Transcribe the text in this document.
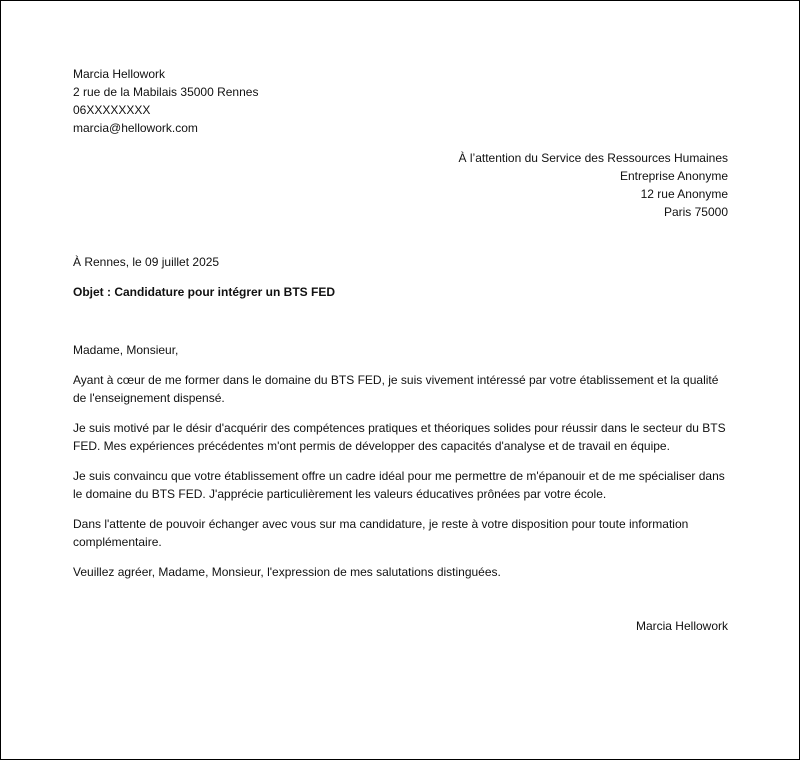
Marcia Hellowork

2 rue de la Mabilais 35000 Rennes

06XXXXXXXX

marcia@hellowork.com

À l’attention du Service des Ressources Humaines

Entreprise Anonyme

12 rue Anonyme

Paris 75000

À Rennes, le 09 juillet 2025

Objet : Candidature pour intégrer un BTS FED

Madame, Monsieur,

Ayant à cœur de me former dans le domaine du BTS FED, je suis vivement intéressé par votre établissement et la qualité de l'enseignement dispensé.

Je suis motivé par le désir d'acquérir des compétences pratiques et théoriques solides pour réussir dans le secteur du BTS FED. Mes expériences précédentes m'ont permis de développer des capacités d'analyse et de travail en équipe.

Je suis convaincu que votre établissement offre un cadre idéal pour me permettre de m'épanouir et de me spécialiser dans le domaine du BTS FED. J'apprécie particulièrement les valeurs éducatives prônées par votre école.

Dans l'attente de pouvoir échanger avec vous sur ma candidature, je reste à votre disposition pour toute information complémentaire.

Veuillez agréer, Madame, Monsieur, l'expression de mes salutations distinguées.

Marcia Hellowork
